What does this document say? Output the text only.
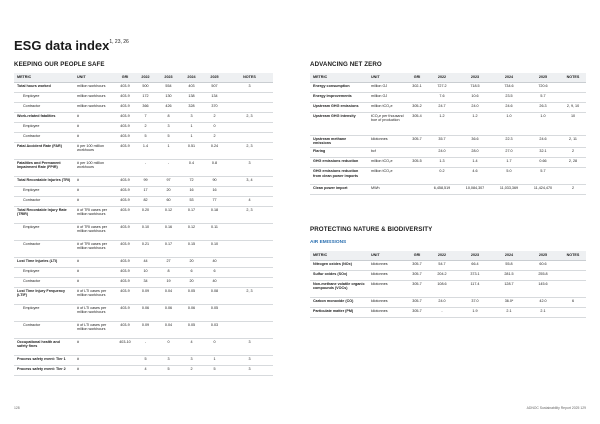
ESG data index$^{1, 23, 26}$
KEEPING OUR PEOPLE SAFE
METRIC	UNIT	GRI	2022	2023	2024	2025	NOTES
Total hours worked	million workhours	403-9	500	554	403	507	3
Employee	million workhours	403-9	172	130	138	134	
Contractor	million workhours	403-9	366	426	328	370	
Work-related fatalities	#	403-9	7	8	3	2	2, 3
Employee	#	403-9	2	3	1	0	
Contractor	#	403-9	5	5	1	2	
Fatal Accident Rate (FAR)	# per 100 million workhours	403-9	1.4	1	0.51	0.24	2, 3
Fatalities and Permanent Impairment Rate (FPIR)	# per 100 million workhours		-	-	0.4	0.8	3
Total Recordable Injuries (TRI)	#	403-9	99	97	72	90	3, 4
Employee	#	403-9	17	20	16	16	
Contractor	#	403-9	82	60	53	77	4
Total Recordable Injury Rate (TRIR)	# of TRI cases per million workhours	403-9	0.20	0.12	0.17	0.18	2, 3
Employee	# of TRI cases per million workhours	403-9	0.10	0.16	0.12	0.11	
Contractor	# of TRI cases per million workhours	403-9	0.21	0.17	0.15	0.10	
Lost Time Injuries (LTI)	#	403-9	44	27	20	40	
Employee	#	403-9	10	8	6	6	
Contractor	#	403-9	34	19	20	40	
Lost Time Injury Frequency (LTIF)	# of LTI cases per million workhours	403-9	0.09	0.04	0.05	0.08	2, 3
Employee	# of LTI cases per million workhours	403-9	0.06	0.06	0.06	0.05	
Contractor	# of LTI cases per million workhours	403-9	0.09	0.04	0.05	0.03	
Occupational health and safety fines	#	403-10	-	0	4	0	3
Process safety event: Tier 1	#		5	3	3	1	3
Process safety event: Tier 2	#		4	5	2	5	3
ADVANCING NET ZERO
METRIC	UNIT	GRI	2022	2023	2024	2025	NOTES
Energy consumption	million GJ	302-1	727.2	718.5	734.6	720.6	
Energy improvements	million GJ		7.6	10.6	23.5	5.7	
Upstream GHG emissions	million tCO₂e	305-2	24.7	24.0	24.6	26.3	2, 9, 10
Upstream GHG intensity	tCO₂e per thousand boe of production	305-4	1.2	1.2	1.0	1.0	10
Upstream methane emissions	kilotonnes	305-7	35.7	36.6	22.3	24.6	2, 11
Flaring	bcf		24.0	28.0	27.0	32.1	2
GHG emissions reduction	million tCO₂e	305-5	1.3	1.4	1.7	0.66	2, 28
GHG emissions reduction from clean power imports	million tCO₂e		0.2	4.6	5.0	5.7	
Clean power import	MWh		6,458,519	10,084,307	11,033,369	11,424,470	2
PROTECTING NATURE & BIODIVERSITY
AIR EMISSIONS
METRIC	UNIT	GRI	2022	2023	2024	2025	NOTES
Nitrogen oxides (NOx)	kilotonnes	305-7	54.7	66.4	55.8	60.6	
Sulfur oxides (SOx)	kilotonnes	305-7	204.2	373.1	281.5	255.8	
Non-methane volatile organic compounds (VOCs)	kilotonnes	305-7	108.6	117.4	128.7	145.6	
Carbon monoxide (CO)	kilotonnes	305-7	24.0	37.0	36.0*	42.0	6
Particulate matter (PM)	kilotonnes	305-7	-	1.9	2.1	2.1	
128	ADNOC Sustainability Report 2025 129
